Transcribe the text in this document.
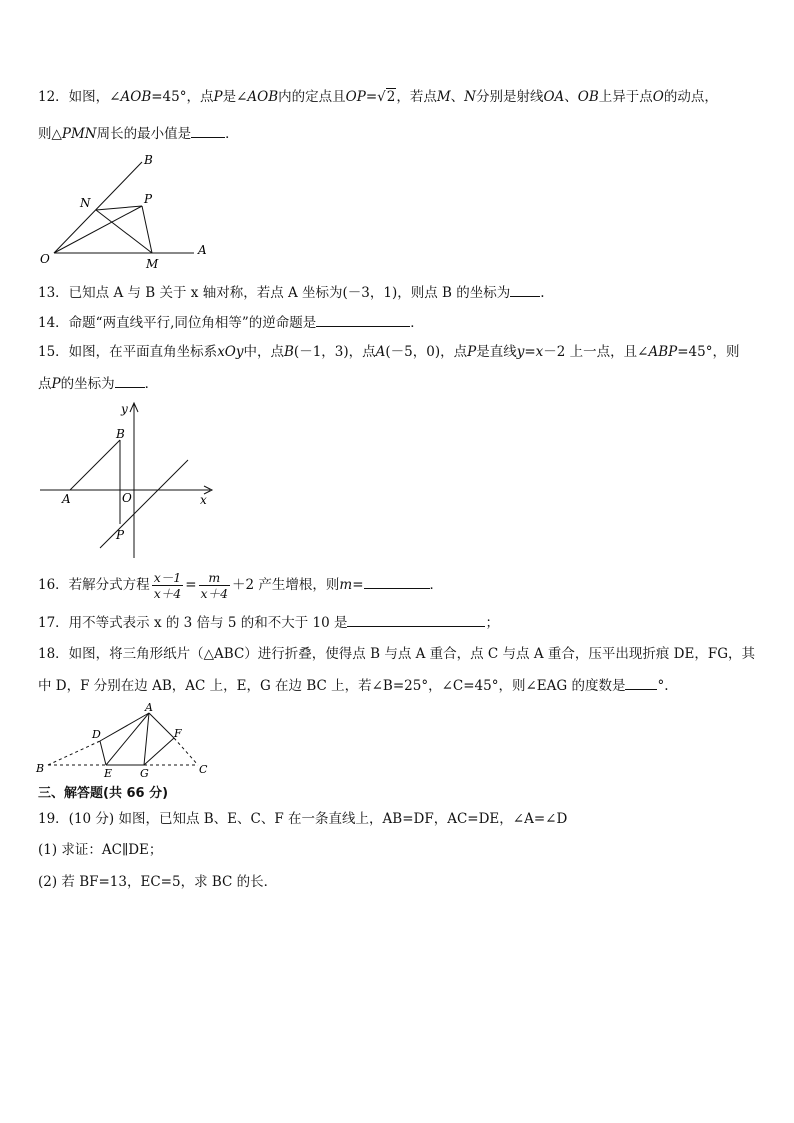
12．如图，∠AOB=45°，点P是∠AOB内的定点且OP=√2，若点M、N分别是射线OA、OB上异于点O的动点，
则△PMN周长的最小值是	．
B
N	P
O
A
M
13．已知点 A 与 B 关于 x 轴对称，若点 A 坐标为(－3，1)，则点 B 的坐标为 .
14．命题“两直线平行,同位角相等”的逆命题是	．
15．如图，在平面直角坐标系xOy中，点B(－1，3)，点A(－5，0)，点P是直线y=x－2 上一点，且∠ABP=45°，则
点P的坐标为 ．
y
B
A	O	x
P
16．若解分式方程 $\frac{x-1}{x+4} = \frac{m}{x+4} +2$ 产生增根，则m=	．
17．用不等式表示 x 的 3 倍与 5 的和不大于 10 是	；
18．如图，将三角形纸片（△ABC）进行折叠，使得点 B 与点 A 重合，点 C 与点 A 重合，压平出现折痕 DE，FG，其
中 D，F 分别在边 AB，AC 上，E，G 在边 BC 上，若∠B=25°，∠C=45°，则∠EAG 的度数是 °.
A
D	F
B	E	G	C
三、解答题(共 66 分)
19．(10 分) 如图，已知点 B、E、C、F 在一条直线上，AB=DF，AC=DE，∠A=∠D
(1) 求证：AC∥DE；
(2) 若 BF=13，EC=5，求 BC 的长．
